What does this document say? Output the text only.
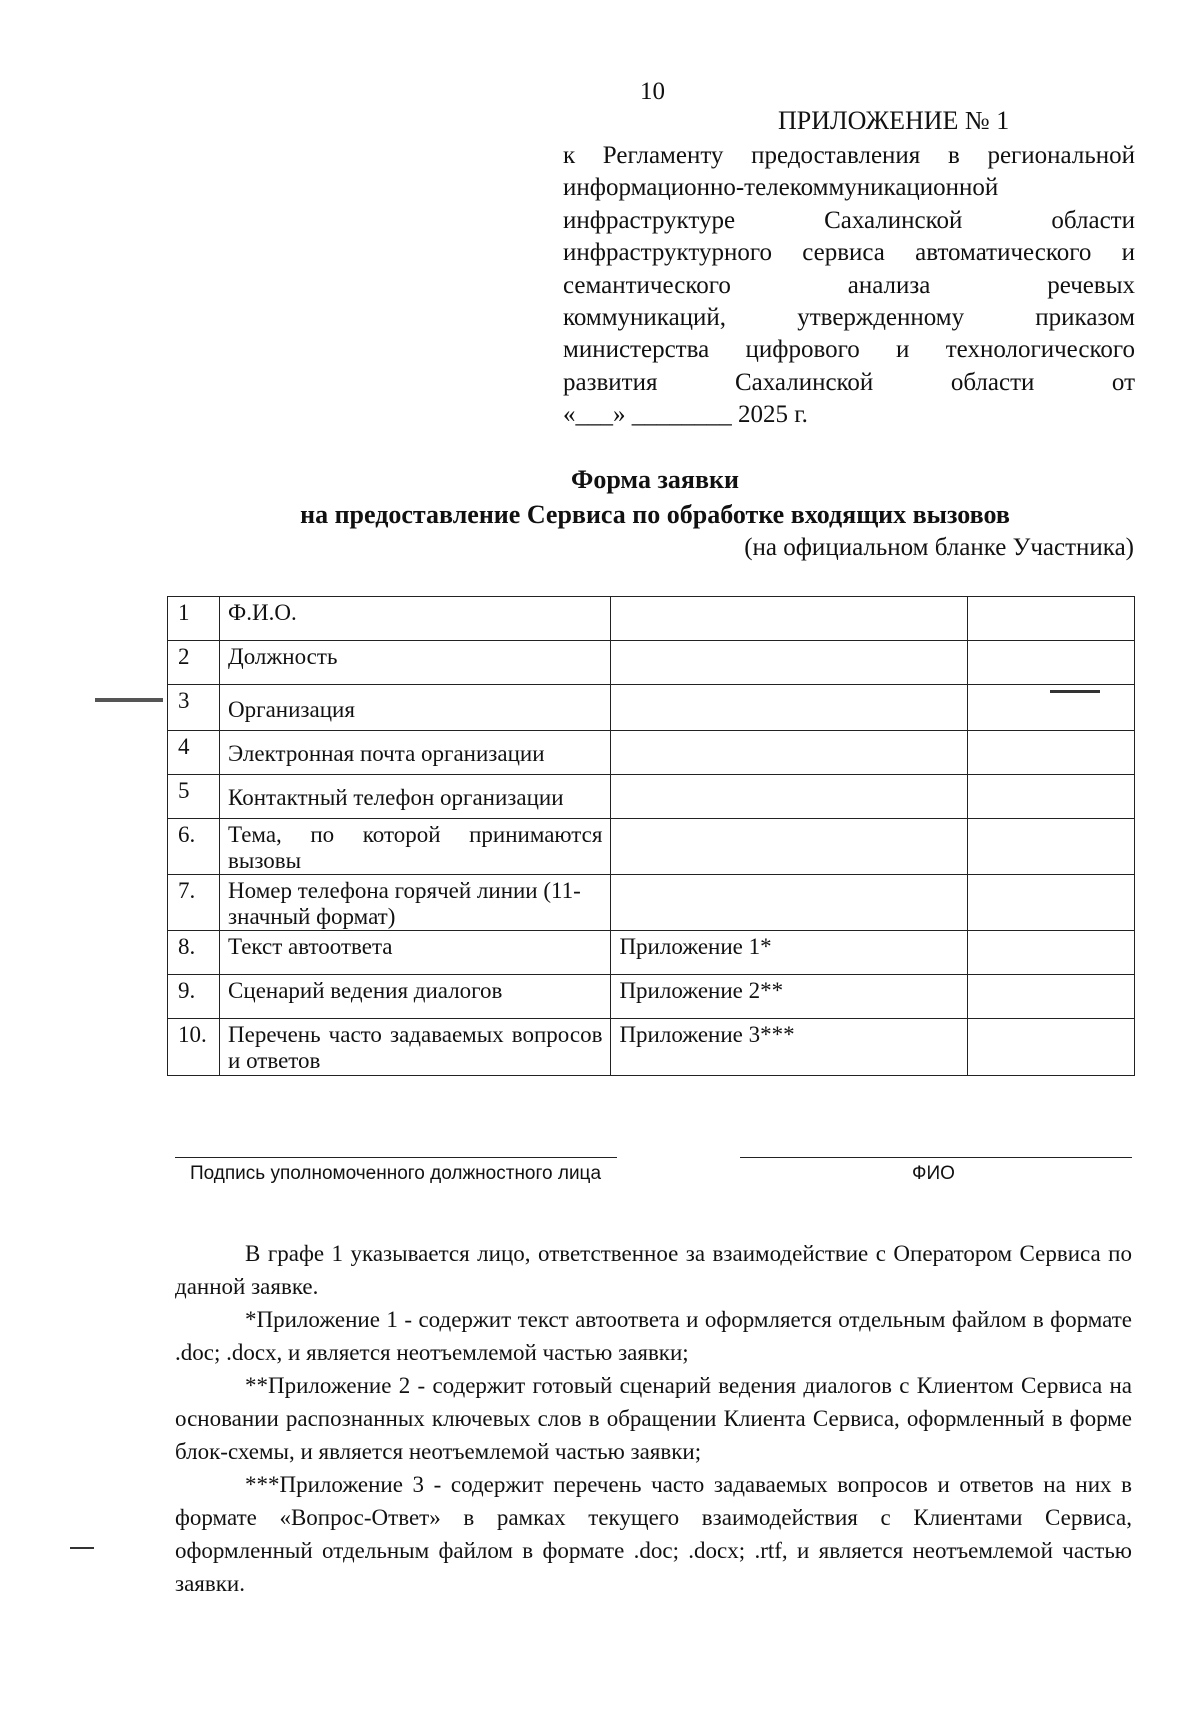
10
ПРИЛОЖЕНИЕ № 1
к Регламенту предоставления в региональной
информационно-телекоммуникационной
инфраструктуре Сахалинской области
инфраструктурного сервиса автоматического и
семантического анализа речевых
коммуникаций, утвержденному приказом
министерства цифрового и технологического
развития Сахалинской области от
«___» ________ 2025 г.
Форма заявки
на предоставление Сервиса по обработке входящих вызовов
(на официальном бланке Участника)
1	Ф.И.О.		
2	Должность		
3	Организация		
4	Электронная почта организации		
5	Контактный телефон организации		
6.	Тема, по которой принимаются вызовы		
7.	Номер телефона горячей линии (11-значный формат)		
8.	Текст автоответа	Приложение 1*	
9.	Сценарий ведения диалогов	Приложение 2**	
10.	Перечень часто задаваемых вопросов и ответов	Приложение 3***	
Подпись уполномоченного должностного лица	ФИО

В графе 1 указывается лицо, ответственное за взаимодействие с Оператором Сервиса по данной заявке.

*Приложение 1 - содержит текст автоответа и оформляется отдельным файлом в формате .doc; .docx, и является неотъемлемой частью заявки;

**Приложение 2 - содержит готовый сценарий ведения диалогов с Клиентом Сервиса на основании распознанных ключевых слов в обращении Клиента Сервиса, оформленный в форме блок-схемы, и является неотъемлемой частью заявки;

***Приложение 3 - содержит перечень часто задаваемых вопросов и ответов на них в формате «Вопрос-Ответ» в рамках текущего взаимодействия с Клиентами Сервиса, оформленный отдельным файлом в формате .doc; .docx; .rtf, и является неотъемлемой частью заявки.
